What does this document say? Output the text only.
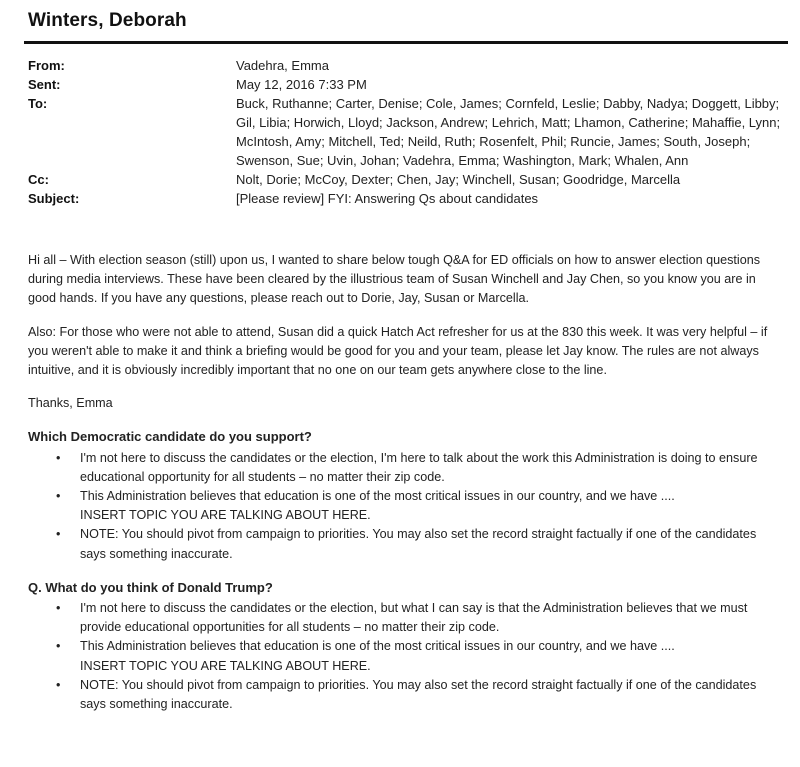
Winters, Deborah
From:	Vadehra, Emma
Sent:	May 12, 2016 7:33 PM
To:	Buck, Ruthanne; Carter, Denise; Cole, James; Cornfeld, Leslie; Dabby, Nadya; Doggett, Libby; Gil, Libia; Horwich, Lloyd; Jackson, Andrew; Lehrich, Matt; Lhamon, Catherine; Mahaffie, Lynn; McIntosh, Amy; Mitchell, Ted; Neild, Ruth; Rosenfelt, Phil; Runcie, James; South, Joseph; Swenson, Sue; Uvin, Johan; Vadehra, Emma; Washington, Mark; Whalen, Ann
Cc:	Nolt, Dorie; McCoy, Dexter; Chen, Jay; Winchell, Susan; Goodridge, Marcella
Subject:	[Please review] FYI: Answering Qs about candidates

Hi all – With election season (still) upon us, I wanted to share below tough Q&A for ED officials on how to answer election questions during media interviews. These have been cleared by the illustrious team of Susan Winchell and Jay Chen, so you know you are in good hands. If you have any questions, please reach out to Dorie, Jay, Susan or Marcella.

Also: For those who were not able to attend, Susan did a quick Hatch Act refresher for us at the 830 this week. It was very helpful – if you weren't able to make it and think a briefing would be good for you and your team, please let Jay know. The rules are not always intuitive, and it is obviously incredibly important that no one on our team gets anywhere close to the line.

Thanks, Emma

Which Democratic candidate do you support?
• I'm not here to discuss the candidates or the election, I'm here to talk about the work this Administration is doing to ensure educational opportunity for all students – no matter their zip code.
• This Administration believes that education is one of the most critical issues in our country, and we have ....
INSERT TOPIC YOU ARE TALKING ABOUT HERE.
• NOTE: You should pivot from campaign to priorities. You may also set the record straight factually if one of the candidates says something inaccurate.
Q. What do you think of Donald Trump?
• I'm not here to discuss the candidates or the election, but what I can say is that the Administration believes that we must provide educational opportunities for all students – no matter their zip code.
• This Administration believes that education is one of the most critical issues in our country, and we have ....
INSERT TOPIC YOU ARE TALKING ABOUT HERE.
• NOTE: You should pivot from campaign to priorities. You may also set the record straight factually if one of the candidates says something inaccurate.
